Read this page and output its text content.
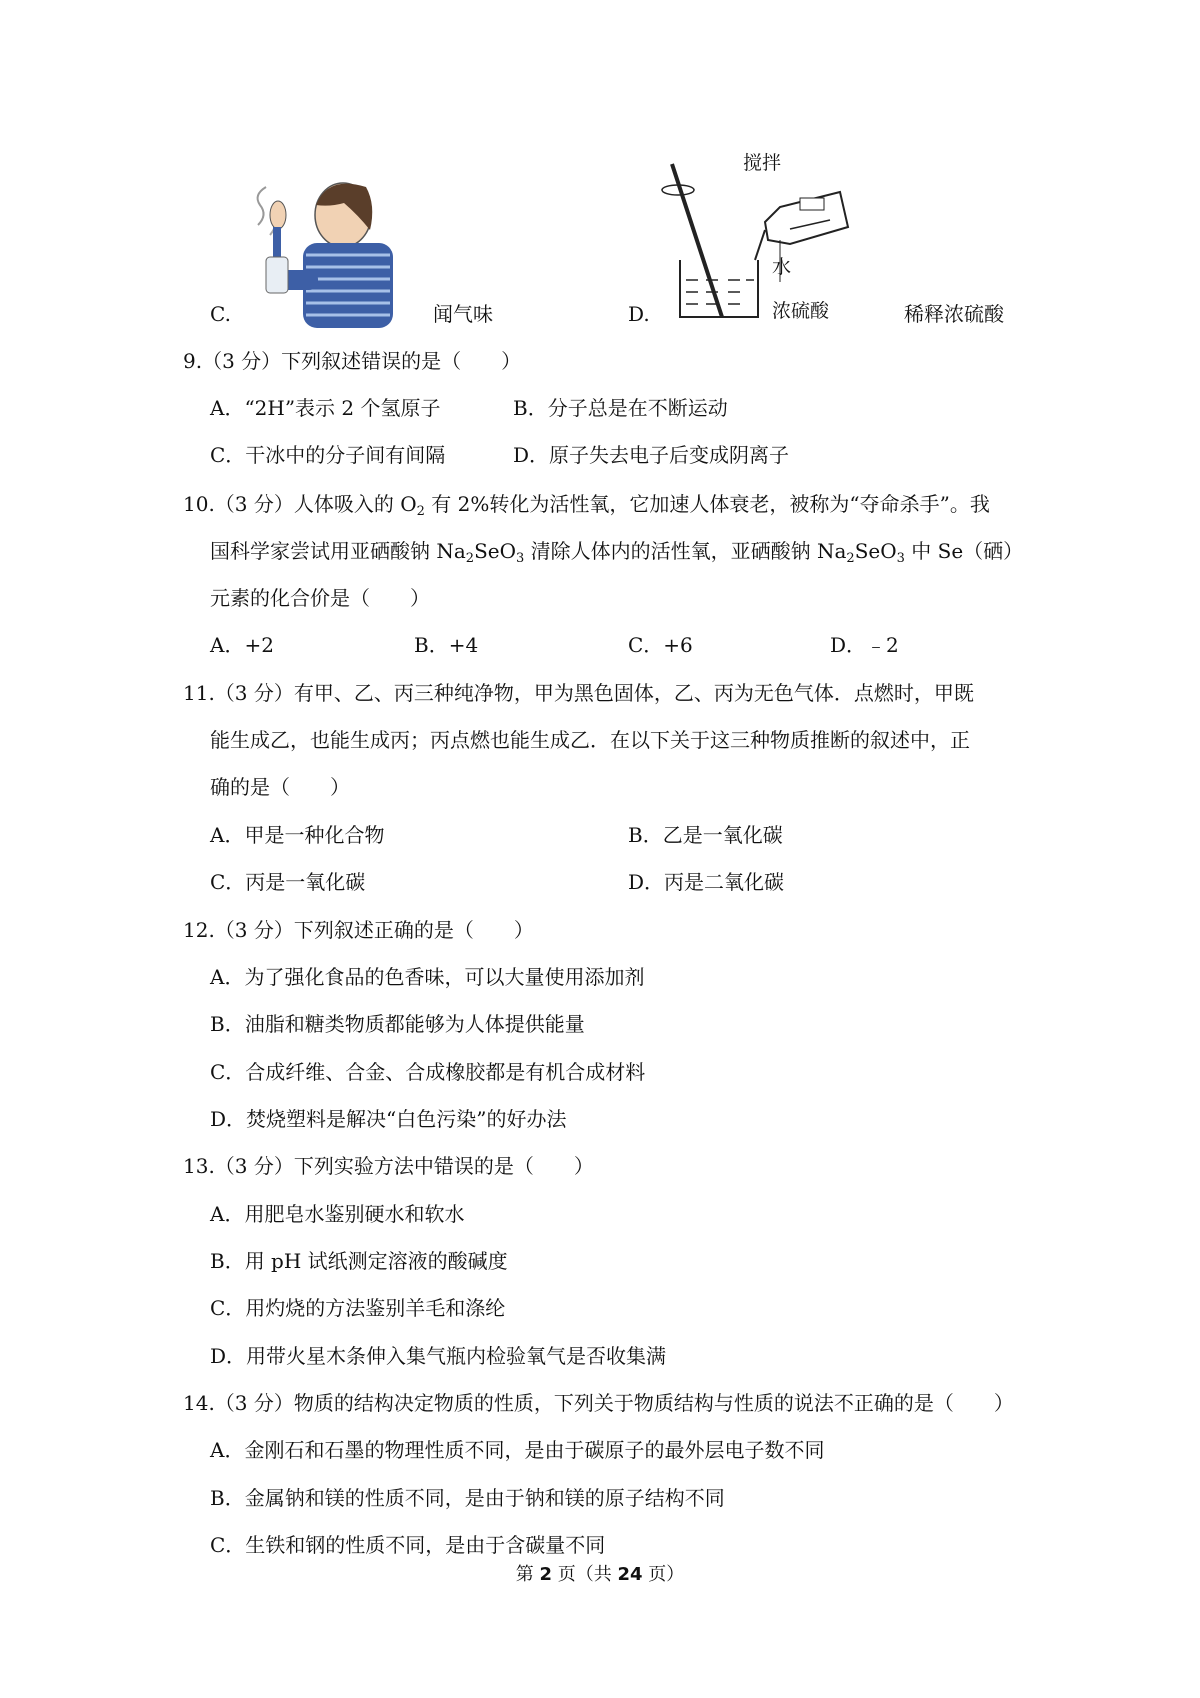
C.	闻气味	D.
搅拌
水
浓硫酸	稀释浓硫酸
9.（3 分）下列叙述错误的是（　　）
A．“2H”表示 2 个氢原子	B．分子总是在不断运动
C．干冰中的分子间有间隔	D．原子失去电子后变成阴离子
10.（3 分）人体吸入的 $O_2$ 有 2%转化为活性氧，它加速人体衰老，被称为“夺命杀手”。我
国科学家尝试用亚硒酸钠 $Na_2SeO_3$ 清除人体内的活性氧，亚硒酸钠 $Na_2SeO_3$ 中 Se（硒）
元素的化合价是（　　）
A．+2	B．+4	C．+6	D．﹣2
11.（3 分）有甲、乙、丙三种纯净物，甲为黑色固体，乙、丙为无色气体．点燃时，甲既
能生成乙，也能生成丙；丙点燃也能生成乙．在以下关于这三种物质推断的叙述中，正
确的是（　　）
A．甲是一种化合物	B．乙是一氧化碳
C．丙是一氧化碳	D．丙是二氧化碳
12.（3 分）下列叙述正确的是（　　）
A．为了强化食品的色香味，可以大量使用添加剂
B．油脂和糖类物质都能够为人体提供能量
C．合成纤维、合金、合成橡胶都是有机合成材料
D．焚烧塑料是解决“白色污染”的好办法
13.（3 分）下列实验方法中错误的是（　　）
A．用肥皂水鉴别硬水和软水
B．用 pH 试纸测定溶液的酸碱度
C．用灼烧的方法鉴别羊毛和涤纶
D．用带火星木条伸入集气瓶内检验氧气是否收集满
14.（3 分）物质的结构决定物质的性质，下列关于物质结构与性质的说法不正确的是（　　）
A．金刚石和石墨的物理性质不同，是由于碳原子的最外层电子数不同
B．金属钠和镁的性质不同，是由于钠和镁的原子结构不同
C．生铁和钢的性质不同，是由于含碳量不同
第 2 页（共 24 页）
